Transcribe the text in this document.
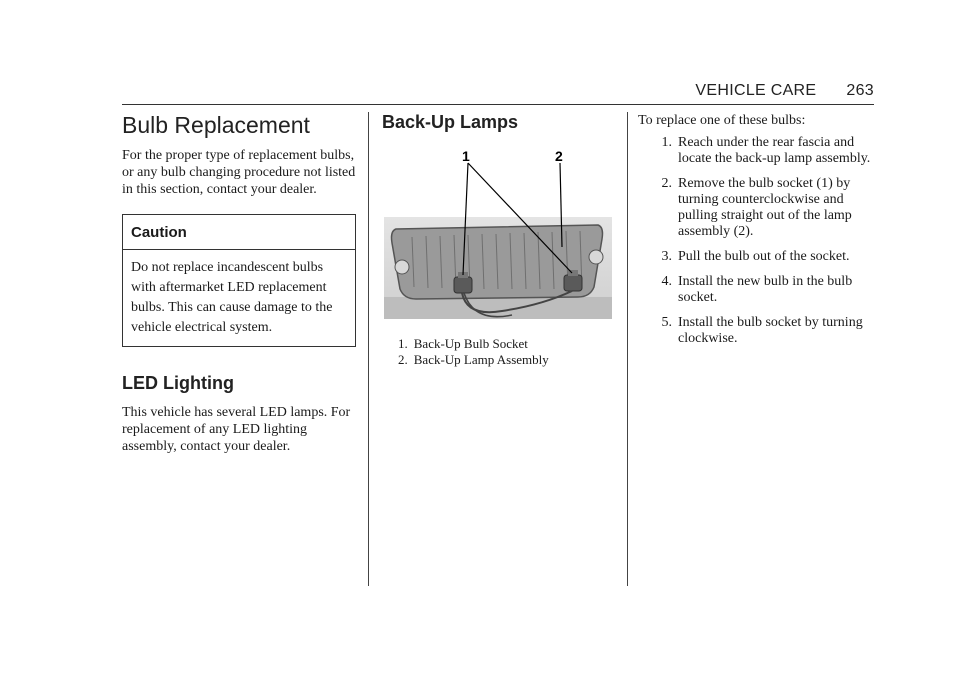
VEHICLE CARE 263
Bulb Replacement

For the proper type of replacement bulbs, or any bulb changing procedure not listed in this section, contact your dealer.

Caution
Do not replace incandescent bulbs with aftermarket LED replacement bulbs. This can cause damage to the vehicle electrical system.
LED Lighting

This vehicle has several LED lamps. For replacement of any LED lighting assembly, contact your dealer.

Back-Up Lamps
1	2
1. Back-Up Bulb Socket
2. Back-Up Lamp Assembly

To replace one of these bulbs:

1. Reach under the rear fascia and locate the back-up lamp assembly.
2. Remove the bulb socket (1) by turning counterclockwise and pulling straight out of the lamp assembly (2).
3. Pull the bulb out of the socket.
4. Install the new bulb in the bulb socket.
5. Install the bulb socket by turning clockwise.
